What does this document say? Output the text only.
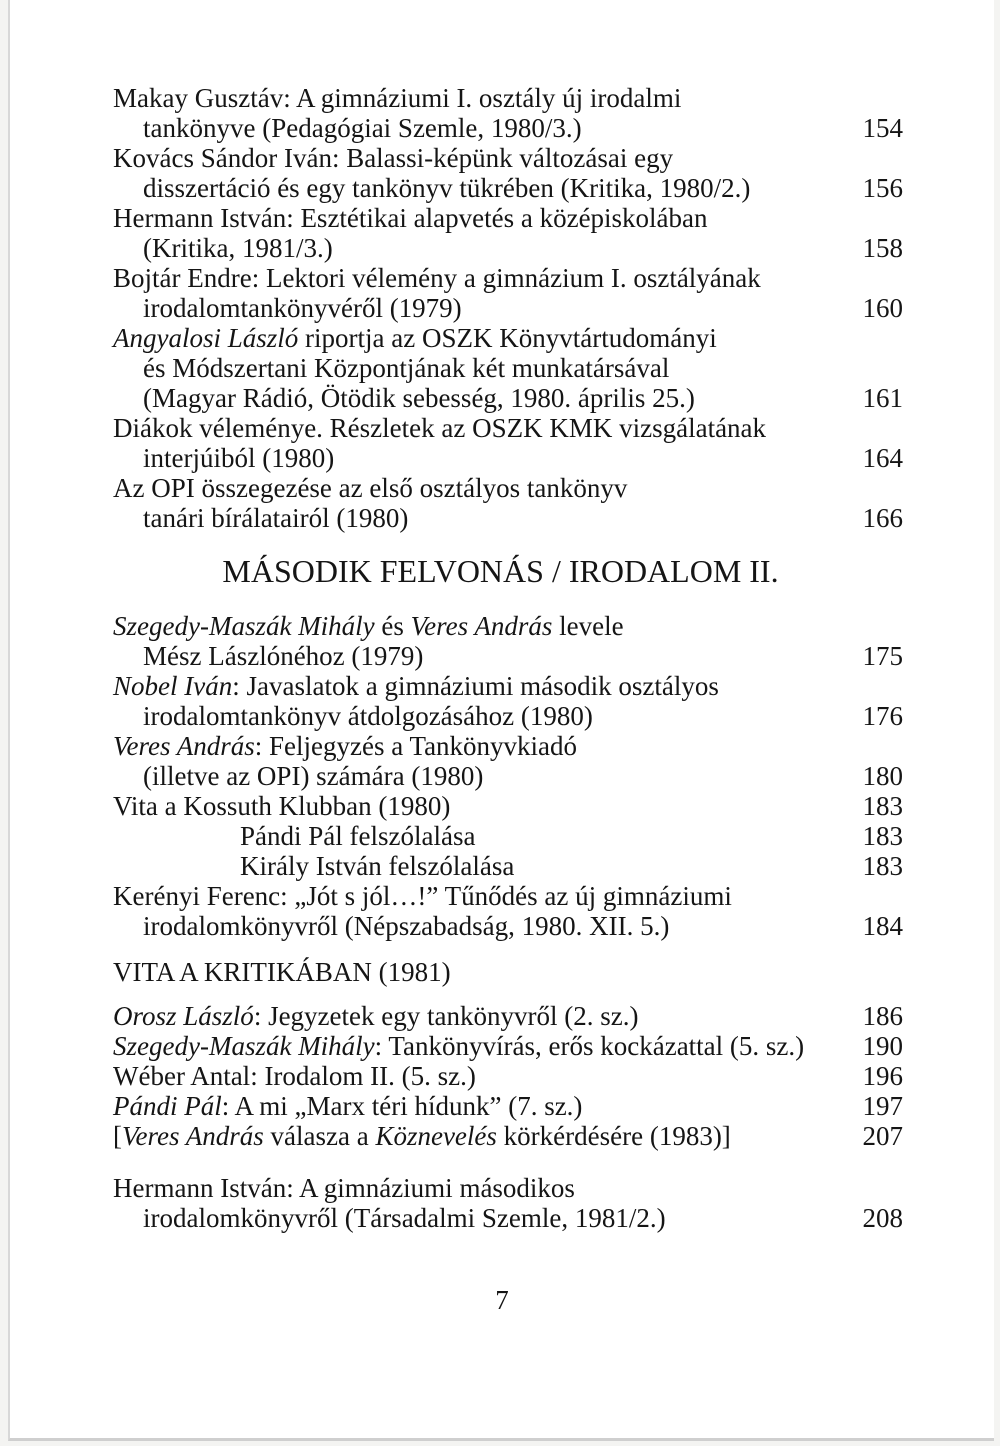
Makay Gusztáv: A gimnáziumi I. osztály új irodalmi
tankönyve (Pedagógiai Szemle, 1980/3.)	154
Kovács Sándor Iván: Balassi-képünk változásai egy
disszertáció és egy tankönyv tükrében (Kritika, 1980/2.)	156
Hermann István: Esztétikai alapvetés a középiskolában
(Kritika, 1981/3.)	158
Bojtár Endre: Lektori vélemény a gimnázium I. osztályának
irodalomtankönyvéről (1979)	160
Angyalosi László riportja az OSZK Könyvtártudományi
és Módszertani Központjának két munkatársával
(Magyar Rádió, Ötödik sebesség, 1980. április 25.)	161
Diákok véleménye. Részletek az OSZK KMK vizsgálatának
interjúiból (1980)	164
Az OPI összegezése az első osztályos tankönyv
tanári bírálatairól (1980)	166
MÁSODIK FELVONÁS / IRODALOM II.
Szegedy-Maszák Mihály és Veres András levele
Mész Lászlónéhoz (1979)	175
Nobel Iván: Javaslatok a gimnáziumi második osztályos
irodalomtankönyv átdolgozásához (1980)	176
Veres András: Feljegyzés a Tankönyvkiadó
(illetve az OPI) számára (1980)	180
Vita a Kossuth Klubban (1980)	183
Pándi Pál felszólalása	183
Király István felszólalása	183
Kerényi Ferenc: „Jót s jól…!” Tűnődés az új gimnáziumi
irodalomkönyvről (Népszabadság, 1980. XII. 5.)	184
VITA A KRITIKÁBAN (1981)
Orosz László: Jegyzetek egy tankönyvről (2. sz.)	186
Szegedy-Maszák Mihály: Tankönyvírás, erős kockázattal (5. sz.)	190
Wéber Antal: Irodalom II. (5. sz.)	196
Pándi Pál: A mi „Marx téri hídunk” (7. sz.)	197
[Veres András válasza a Köznevelés körkérdésére (1983)]	207
Hermann István: A gimnáziumi másodikos
irodalomkönyvről (Társadalmi Szemle, 1981/2.)	208
7
